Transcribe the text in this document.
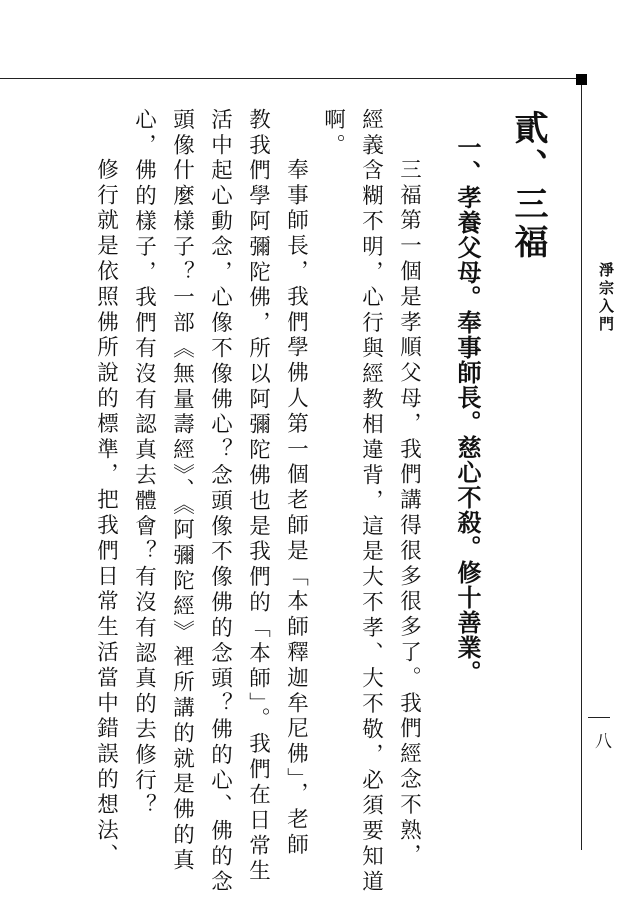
淨宗入門
八
貳、三福
一、孝養父母。奉事師長。慈心不殺。修十善業。
三福第一個是孝順父母，我們講得很多很多了。我們經念不熟，
經義含糊不明，心行與經教相違背，這是大不孝、大不敬，必須要知道
啊。
奉事師長，我們學佛人第一個老師是「本師釋迦牟尼佛」，老師
教我們學阿彌陀佛，所以阿彌陀佛也是我們的「本師」。我們在日常生
活中起心動念，心像不像佛心？念頭像不像佛的念頭？佛的心、佛的念
頭像什麼樣子？一部《無量壽經》、《阿彌陀經》裡所講的就是佛的真
心，佛的樣子，我們有沒有認真去體會？有沒有認真的去修行？
修行就是依照佛所說的標準，把我們日常生活當中錯誤的想法、
